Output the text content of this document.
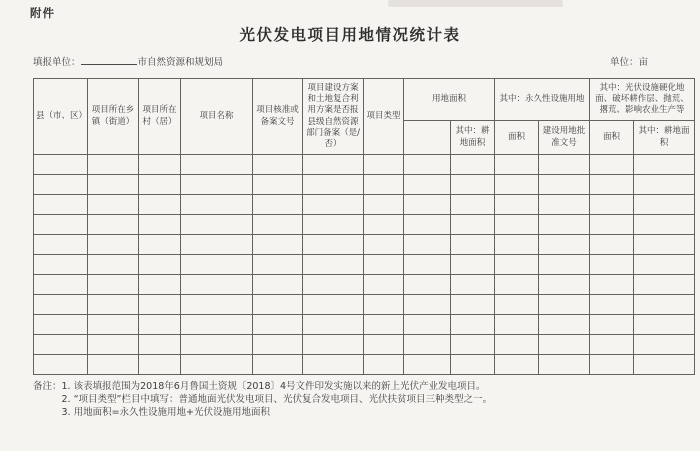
附件
光伏发电项目用地情况统计表
填报单位：	市自然资源和规划局	单位：亩
县（市、区）	项目所在乡镇（街道）	项目所在村（居）	项目名称	项目核准或备案文号	项目建设方案和土地复合利用方案是否报县级自然资源部门备案（是/否）	项目类型	用地面积		其中：永久性设施用地		其中：光伏设施硬化地面、破坏耕作层、抛荒、撂荒、影响农业生产等	
								其中：耕地面积	面积	建设用地批准文号	面积	其中：耕地面积

备注： 1. 该表填报范围为2018年6月鲁国土资规〔2018〕4号文件印发实施以来的新上光伏产业发电项目。
2. “项目类型”栏目中填写：普通地面光伏发电项目、光伏复合发电项目、光伏扶贫项目三种类型之一。
3. 用地面积=永久性设施用地+光伏设施用地面积
